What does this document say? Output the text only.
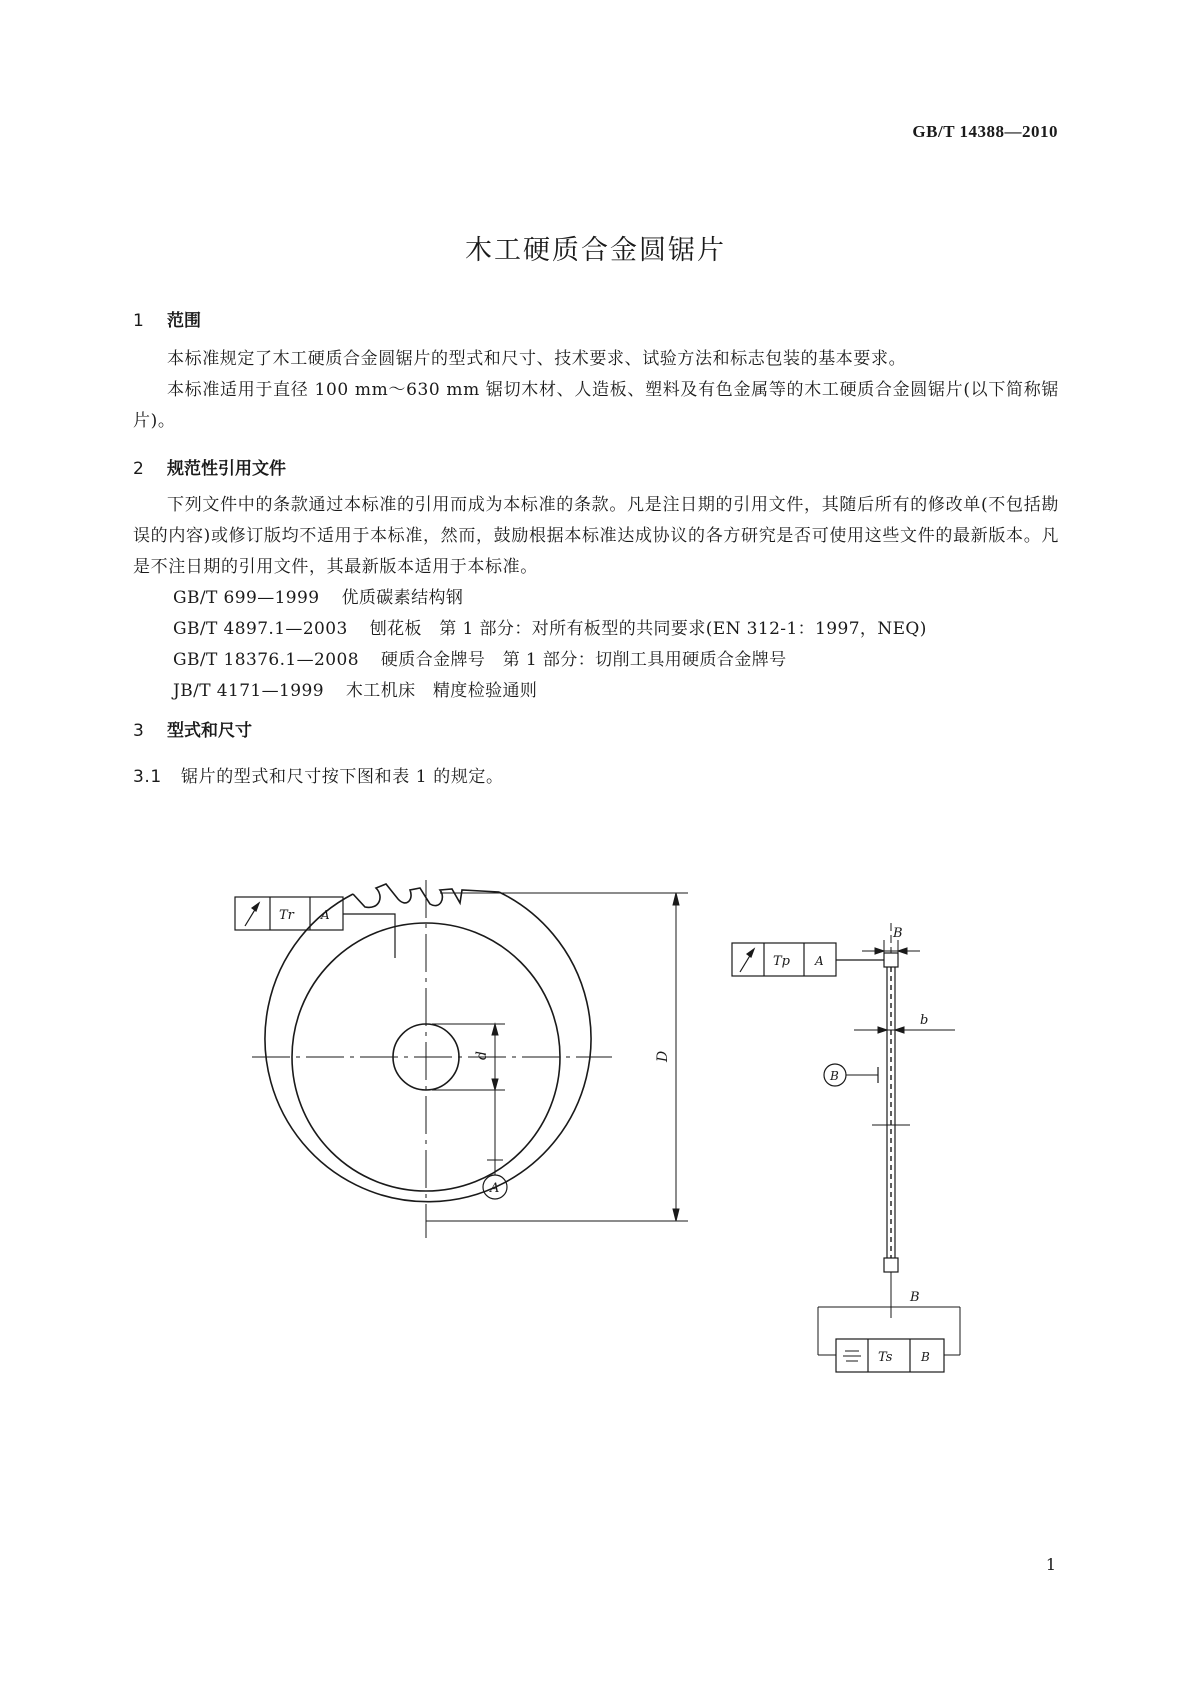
GB/T 14388—2010
木工硬质合金圆锯片
1 范围
本标准规定了木工硬质合金圆锯片的型式和尺寸、技术要求、试验方法和标志包装的基本要求。
本标准适用于直径 100 mm～630 mm 锯切木材、人造板、塑料及有色金属等的木工硬质合金圆锯片(以下简称锯片)。
2 规范性引用文件
下列文件中的条款通过本标准的引用而成为本标准的条款。凡是注日期的引用文件，其随后所有的修改单(不包括勘误的内容)或修订版均不适用于本标准，然而，鼓励根据本标准达成协议的各方研究是否可使用这些文件的最新版本。凡是不注日期的引用文件，其最新版本适用于本标准。
GB/T 699—1999 优质碳素结构钢
GB/T 4897.1—2003 刨花板　第 1 部分：对所有板型的共同要求(EN 312-1：1997，NEQ)
GB/T 18376.1—2008 硬质合金牌号　第 1 部分：切削工具用硬质合金牌号
JB/T 4171—1999 木工机床　精度检验通则
3 型式和尺寸
3.1 锯片的型式和尺寸按下图和表 1 的规定。
d
A
D
Tr A
B
b
Tp A
B
B
Ts B
1
